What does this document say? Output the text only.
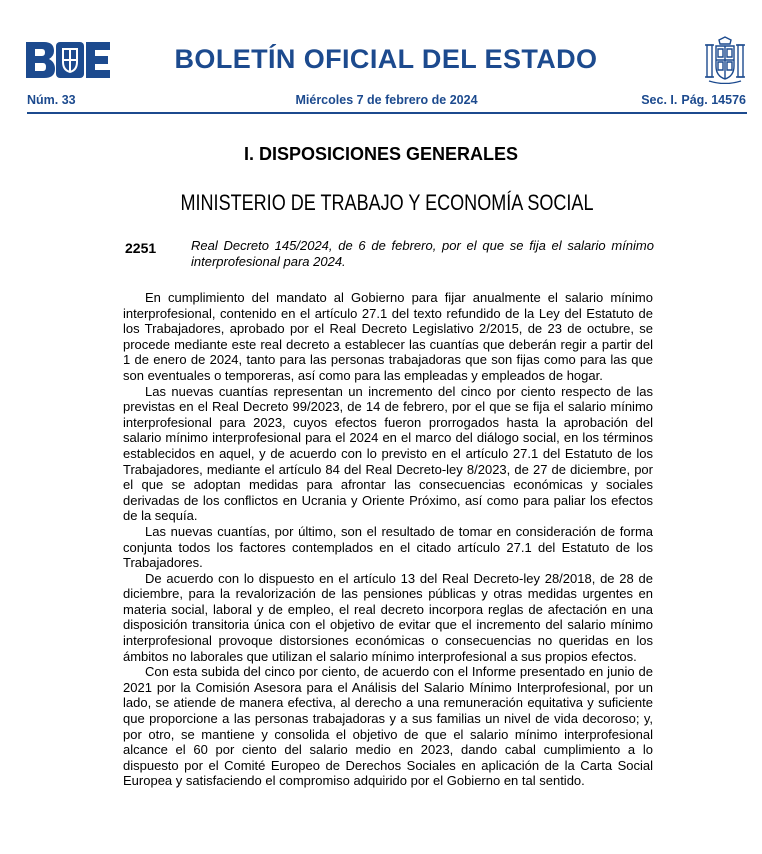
BOLETÍN OFICIAL DEL ESTADO
Miércoles 7 de febrero de 2024
Núm. 33	Sec. I. Pág. 14576
I. DISPOSICIONES GENERALES
MINISTERIO DE TRABAJO Y ECONOMÍA SOCIAL
2251	Real Decreto 145/2024, de 6 de febrero, por el que se fija el salario mínimo interprofesional para 2024.

En cumplimiento del mandato al Gobierno para fijar anualmente el salario mínimo interprofesional, contenido en el artículo 27.1 del texto refundido de la Ley del Estatuto de los Trabajadores, aprobado por el Real Decreto Legislativo 2/2015, de 23 de octubre, se procede mediante este real decreto a establecer las cuantías que deberán regir a partir del 1 de enero de 2024, tanto para las personas trabajadoras que son fijas como para las que son eventuales o temporeras, así como para las empleadas y empleados de hogar.

Las nuevas cuantías representan un incremento del cinco por ciento respecto de las previstas en el Real Decreto 99/2023, de 14 de febrero, por el que se fija el salario mínimo interprofesional para 2023, cuyos efectos fueron prorrogados hasta la aprobación del salario mínimo interprofesional para el 2024 en el marco del diálogo social, en los términos establecidos en aquel, y de acuerdo con lo previsto en el artículo 27.1 del Estatuto de los Trabajadores, mediante el artículo 84 del Real Decreto-ley 8/2023, de 27 de diciembre, por el que se adoptan medidas para afrontar las consecuencias económicas y sociales derivadas de los conflictos en Ucrania y Oriente Próximo, así como para paliar los efectos de la sequía.

Las nuevas cuantías, por último, son el resultado de tomar en consideración de forma conjunta todos los factores contemplados en el citado artículo 27.1 del Estatuto de los Trabajadores.

De acuerdo con lo dispuesto en el artículo 13 del Real Decreto-ley 28/2018, de 28 de diciembre, para la revalorización de las pensiones públicas y otras medidas urgentes en materia social, laboral y de empleo, el real decreto incorpora reglas de afectación en una disposición transitoria única con el objetivo de evitar que el incremento del salario mínimo interprofesional provoque distorsiones económicas o consecuencias no queridas en los ámbitos no laborales que utilizan el salario mínimo interprofesional a sus propios efectos.

Con esta subida del cinco por ciento, de acuerdo con el Informe presentado en junio de 2021 por la Comisión Asesora para el Análisis del Salario Mínimo Interprofesional, por un lado, se atiende de manera efectiva, al derecho a una remuneración equitativa y suficiente que proporcione a las personas trabajadoras y a sus familias un nivel de vida decoroso; y, por otro, se mantiene y consolida el objetivo de que el salario mínimo interprofesional alcance el 60 por ciento del salario medio en 2023, dando cabal cumplimiento a lo dispuesto por el Comité Europeo de Derechos Sociales en aplicación de la Carta Social Europea y satisfaciendo el compromiso adquirido por el Gobierno en tal sentido.
